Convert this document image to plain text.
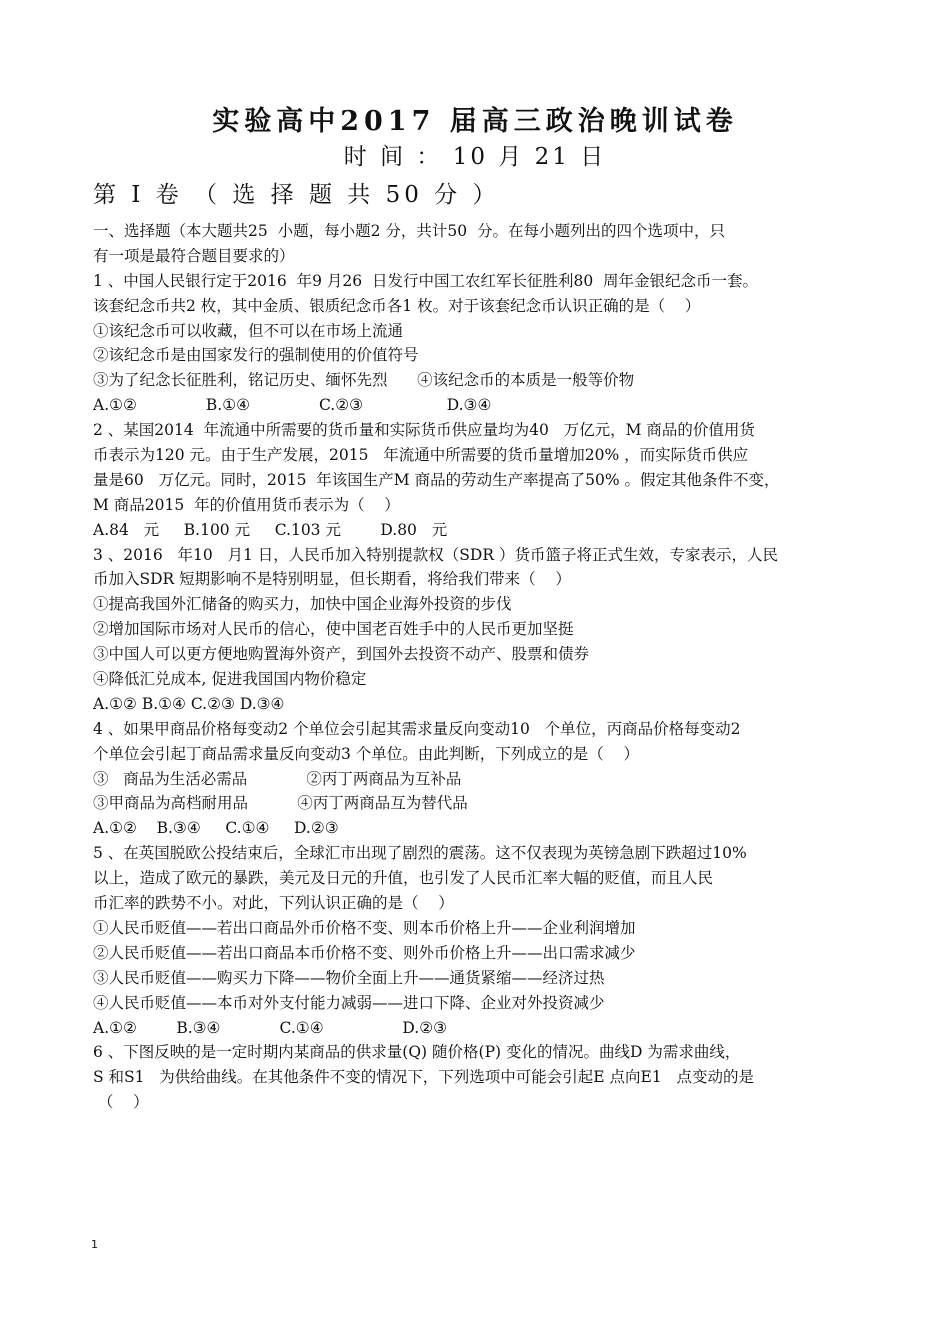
实验高中2017 届高三政治晚训试卷
时 间 ： 10 月 21 日
第 Ⅰ 卷 （ 选 择 题 共 50 分 ）
一、选择题（本大题共25  小题，每小题2 分，共计50  分。在每小题列出的四个选项中，只
有一项是最符合题目要求的）
1 、中国人民银行定于2016  年9 月26  日发行中国工农红军长征胜利80  周年金银纪念币一套。
该套纪念币共2 枚，其中金质、银质纪念币各1 枚。对于该套纪念币认识正确的是（    ）
①该纪念币可以收藏，但不可以在市场上流通
②该纪念币是由国家发行的强制使用的价值符号
③为了纪念长征胜利，铭记历史、缅怀先烈      ④该纪念币的本质是一般等价物
A.①②              B.①④              C.②③                 D.③④
2 、某国2014  年流通中所需要的货币量和实际货币供应量均为40   万亿元，M 商品的价值用货
币表示为120 元。由于生产发展，2015   年流通中所需要的货币量增加20% ，而实际货币供应
量是60   万亿元。同时，2015  年该国生产M 商品的劳动生产率提高了50% 。假定其他条件不变，
M 商品2015  年的价值用货币表示为（    ）
A.84   元     B.100 元     C.103 元        D.80   元
3 、2016   年10   月1 日，人民币加入特别提款权（SDR ）货币篮子将正式生效，专家表示，人民
币加入SDR 短期影响不是特别明显，但长期看，将给我们带来（    ）
①提高我国外汇储备的购买力，加快中国企业海外投资的步伐
②增加国际市场对人民币的信心，使中国老百姓手中的人民币更加坚挺
③中国人可以更方便地购置海外资产，到国外去投资不动产、股票和债券
④降低汇兑成本, 促进我国国内物价稳定
A.①② B.①④ C.②③ D.③④
4 、如果甲商品价格每变动2 个单位会引起其需求量反向变动10   个单位，丙商品价格每变动2
个单位会引起丁商品需求量反向变动3 个单位。由此判断，下列成立的是（    ）
③   商品为生活必需品            ②丙丁两商品为互补品
③甲商品为高档耐用品          ④丙丁两商品互为替代品
A.①②    B.③④     C.①④     D.②③
5 、在英国脱欧公投结束后，全球汇市出现了剧烈的震荡。这不仅表现为英镑急剧下跌超过10%
以上，造成了欧元的暴跌，美元及日元的升值，也引发了人民币汇率大幅的贬值，而且人民
币汇率的跌势不小。对此，下列认识正确的是（    ）
①人民币贬值——若出口商品外币价格不变、则本币价格上升——企业利润增加
②人民币贬值——若出口商品本币价格不变、则外币价格上升——出口需求减少
③人民币贬值——购买力下降——物价全面上升——通货紧缩——经济过热
④人民币贬值——本币对外支付能力减弱——进口下降、企业对外投资减少
A.①②        B.③④            C.①④                D.②③
6 、下图反映的是一定时期内某商品的供求量(Q) 随价格(P) 变化的情况。曲线D 为需求曲线，
S 和S1   为供给曲线。在其他条件不变的情况下，下列选项中可能会引起E 点向E1   点变动的是
（    ）
1
